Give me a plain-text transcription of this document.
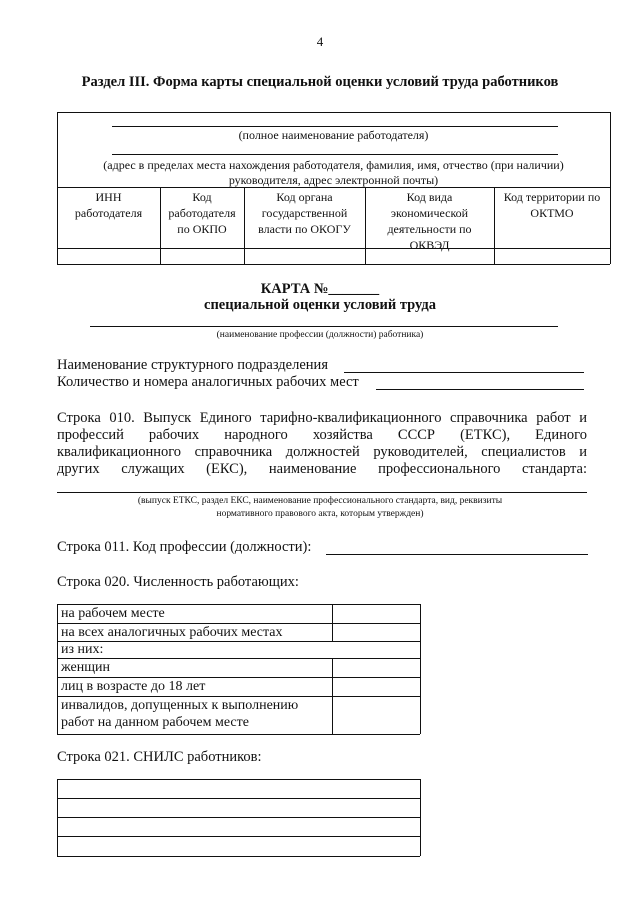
4
Раздел III. Форма карты специальной оценки условий труда работников
(полное наименование работодателя)
(адрес в пределах места нахождения работодателя, фамилия, имя, отчество (при наличии)
руководителя, адрес электронной почты)
ИНН
работодателя
Код
работодателя
по ОКПО
Код органа
государственной
власти по ОКОГУ
Код вида
экономической
деятельности по
ОКВЭД
Код территории по
ОКТМО
КАРТА №_______
специальной оценки условий труда
(наименование профессии (должности) работника)
Наименование структурного подразделения
Количество и номера аналогичных рабочих мест
Строка 010. Выпуск Единого тарифно-квалификационного справочника работ и
профессий рабочих народного хозяйства СССР (ЕТКС), Единого
квалификационного справочника должностей руководителей, специалистов и
других служащих (ЕКС), наименование профессионального стандарта:
(выпуск ЕТКС, раздел ЕКС, наименование профессионального стандарта, вид, реквизиты
нормативного правового акта, которым утвержден)
Строка 011. Код профессии (должности):
Строка 020. Численность работающих:
на рабочем месте
на всех аналогичных рабочих местах
из них:
женщин
лиц в возрасте до 18 лет
инвалидов, допущенных к выполнению
работ на данном рабочем месте
Строка 021. СНИЛС работников:
